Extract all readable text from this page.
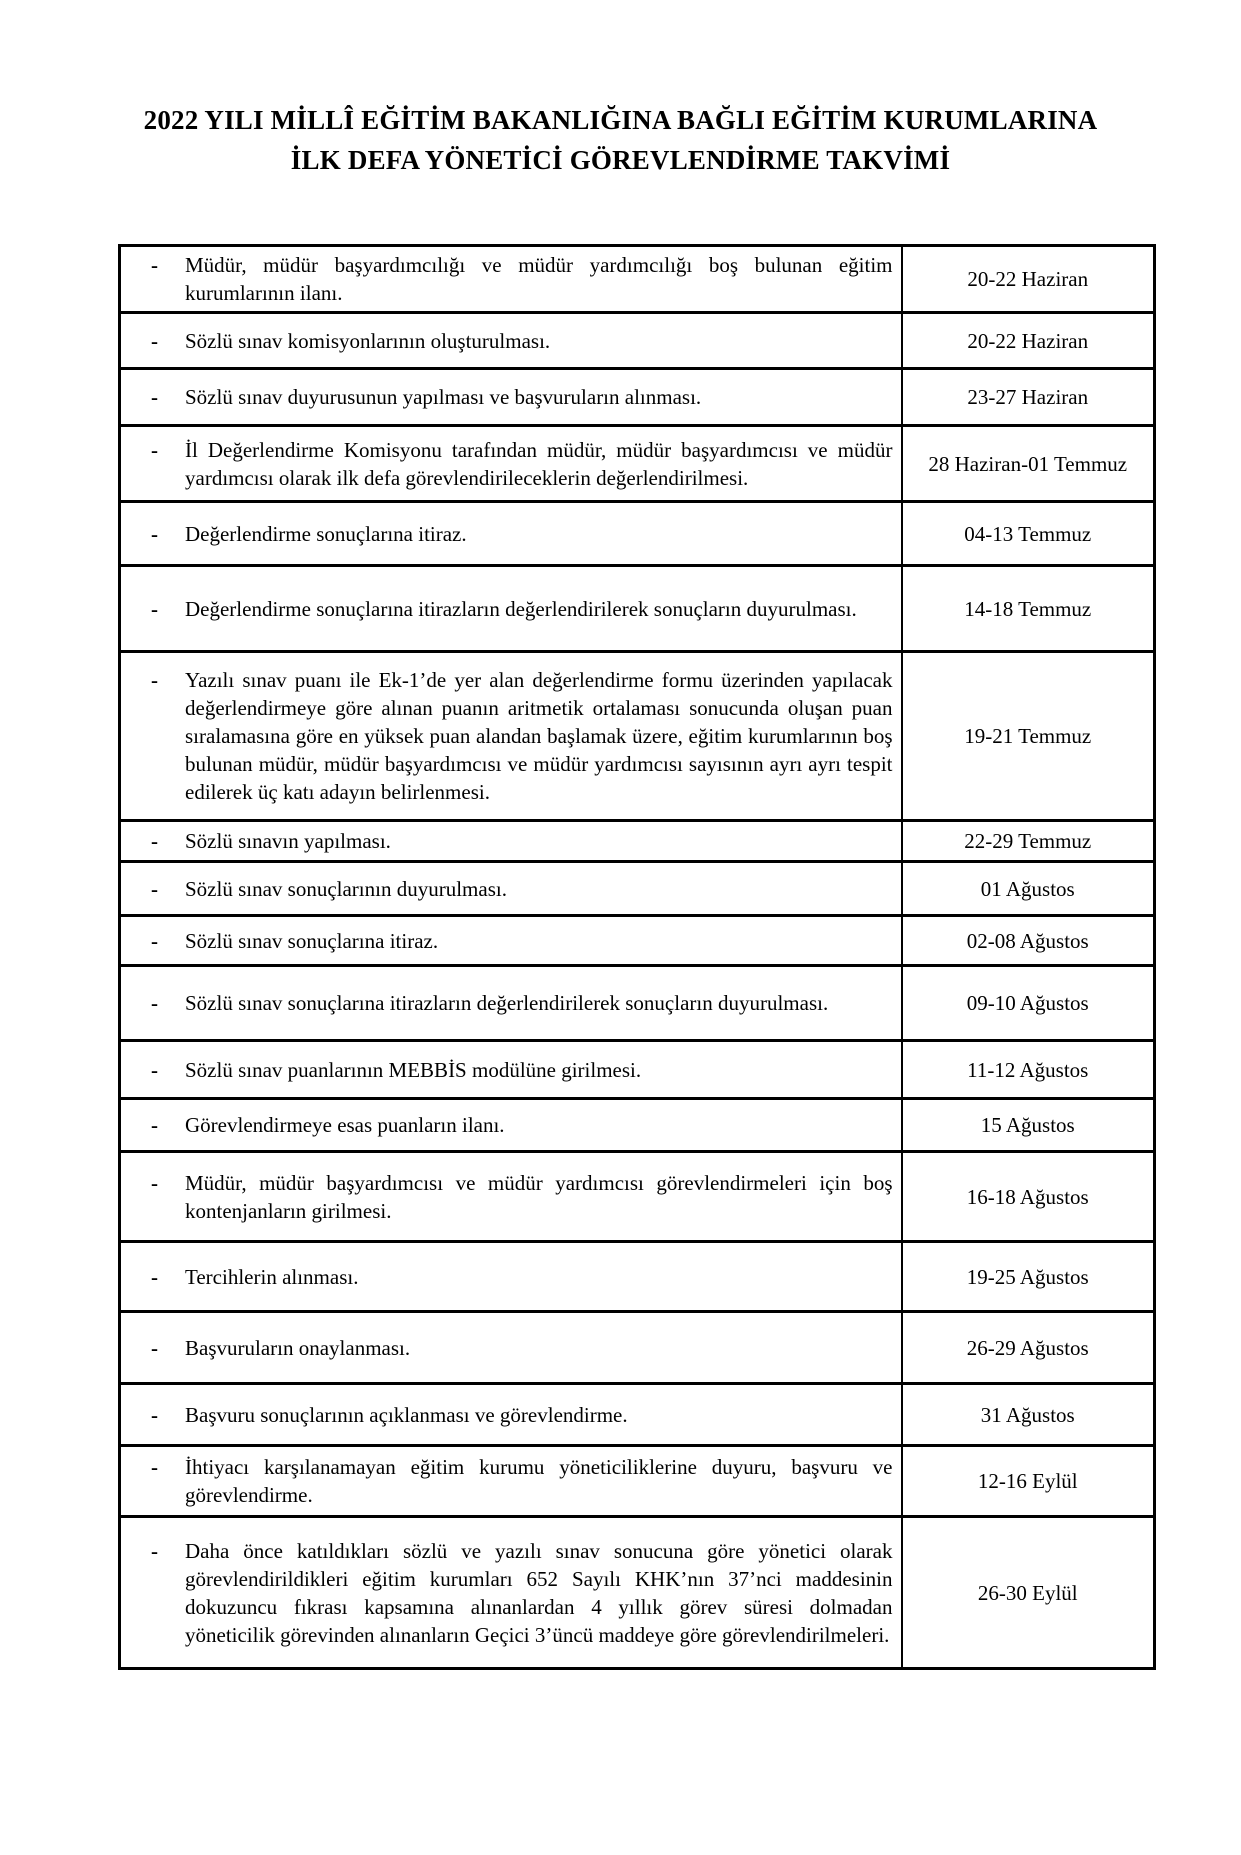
2022 YILI MİLLÎ EĞİTİM BAKANLIĞINA BAĞLI EĞİTİM KURUMLARINA
İLK DEFA YÖNETİCİ GÖREVLENDİRME TAKVİMİ
- Müdür, müdür başyardımcılığı ve müdür yardımcılığı boş bulunan eğitim kurumlarının ilanı.	20-22 Haziran

- Sözlü sınav komisyonlarının oluşturulması.	20-22 Haziran

- Sözlü sınav duyurusunun yapılması ve başvuruların alınması.	23-27 Haziran

- İl Değerlendirme Komisyonu tarafından müdür, müdür başyardımcısı ve müdür yardımcısı olarak ilk defa görevlendirileceklerin değerlendirilmesi.	28 Haziran-01 Temmuz

- Değerlendirme sonuçlarına itiraz.	04-13 Temmuz

- Değerlendirme sonuçlarına itirazların değerlendirilerek sonuçların duyurulması.	14-18 Temmuz

- Yazılı sınav puanı ile Ek-1’de yer alan değerlendirme formu üzerinden yapılacak değerlendirmeye göre alınan puanın aritmetik ortalaması sonucunda oluşan puan sıralamasına göre en yüksek puan alandan başlamak üzere, eğitim kurumlarının boş bulunan müdür, müdür başyardımcısı ve müdür yardımcısı sayısının ayrı ayrı tespit edilerek üç katı adayın belirlenmesi.	19-21 Temmuz

- Sözlü sınavın yapılması.	22-29 Temmuz

- Sözlü sınav sonuçlarının duyurulması.	01 Ağustos

- Sözlü sınav sonuçlarına itiraz.	02-08 Ağustos

- Sözlü sınav sonuçlarına itirazların değerlendirilerek sonuçların duyurulması.	09-10 Ağustos

- Sözlü sınav puanlarının MEBBİS modülüne girilmesi.	11-12 Ağustos

- Görevlendirmeye esas puanların ilanı.	15 Ağustos

- Müdür, müdür başyardımcısı ve müdür yardımcısı görevlendirmeleri için boş kontenjanların girilmesi.	16-18 Ağustos

- Tercihlerin alınması.	19-25 Ağustos

- Başvuruların onaylanması.	26-29 Ağustos

- Başvuru sonuçlarının açıklanması ve görevlendirme.	31 Ağustos

- İhtiyacı karşılanamayan eğitim kurumu yöneticiliklerine duyuru, başvuru ve görevlendirme.	12-16 Eylül

- Daha önce katıldıkları sözlü ve yazılı sınav sonucuna göre yönetici olarak görevlendirildikleri eğitim kurumları 652 Sayılı KHK’nın 37’nci maddesinin dokuzuncu fıkrası kapsamına alınanlardan 4 yıllık görev süresi dolmadan yöneticilik görevinden alınanların Geçici 3’üncü maddeye göre görevlendirilmeleri.	26-30 Eylül
